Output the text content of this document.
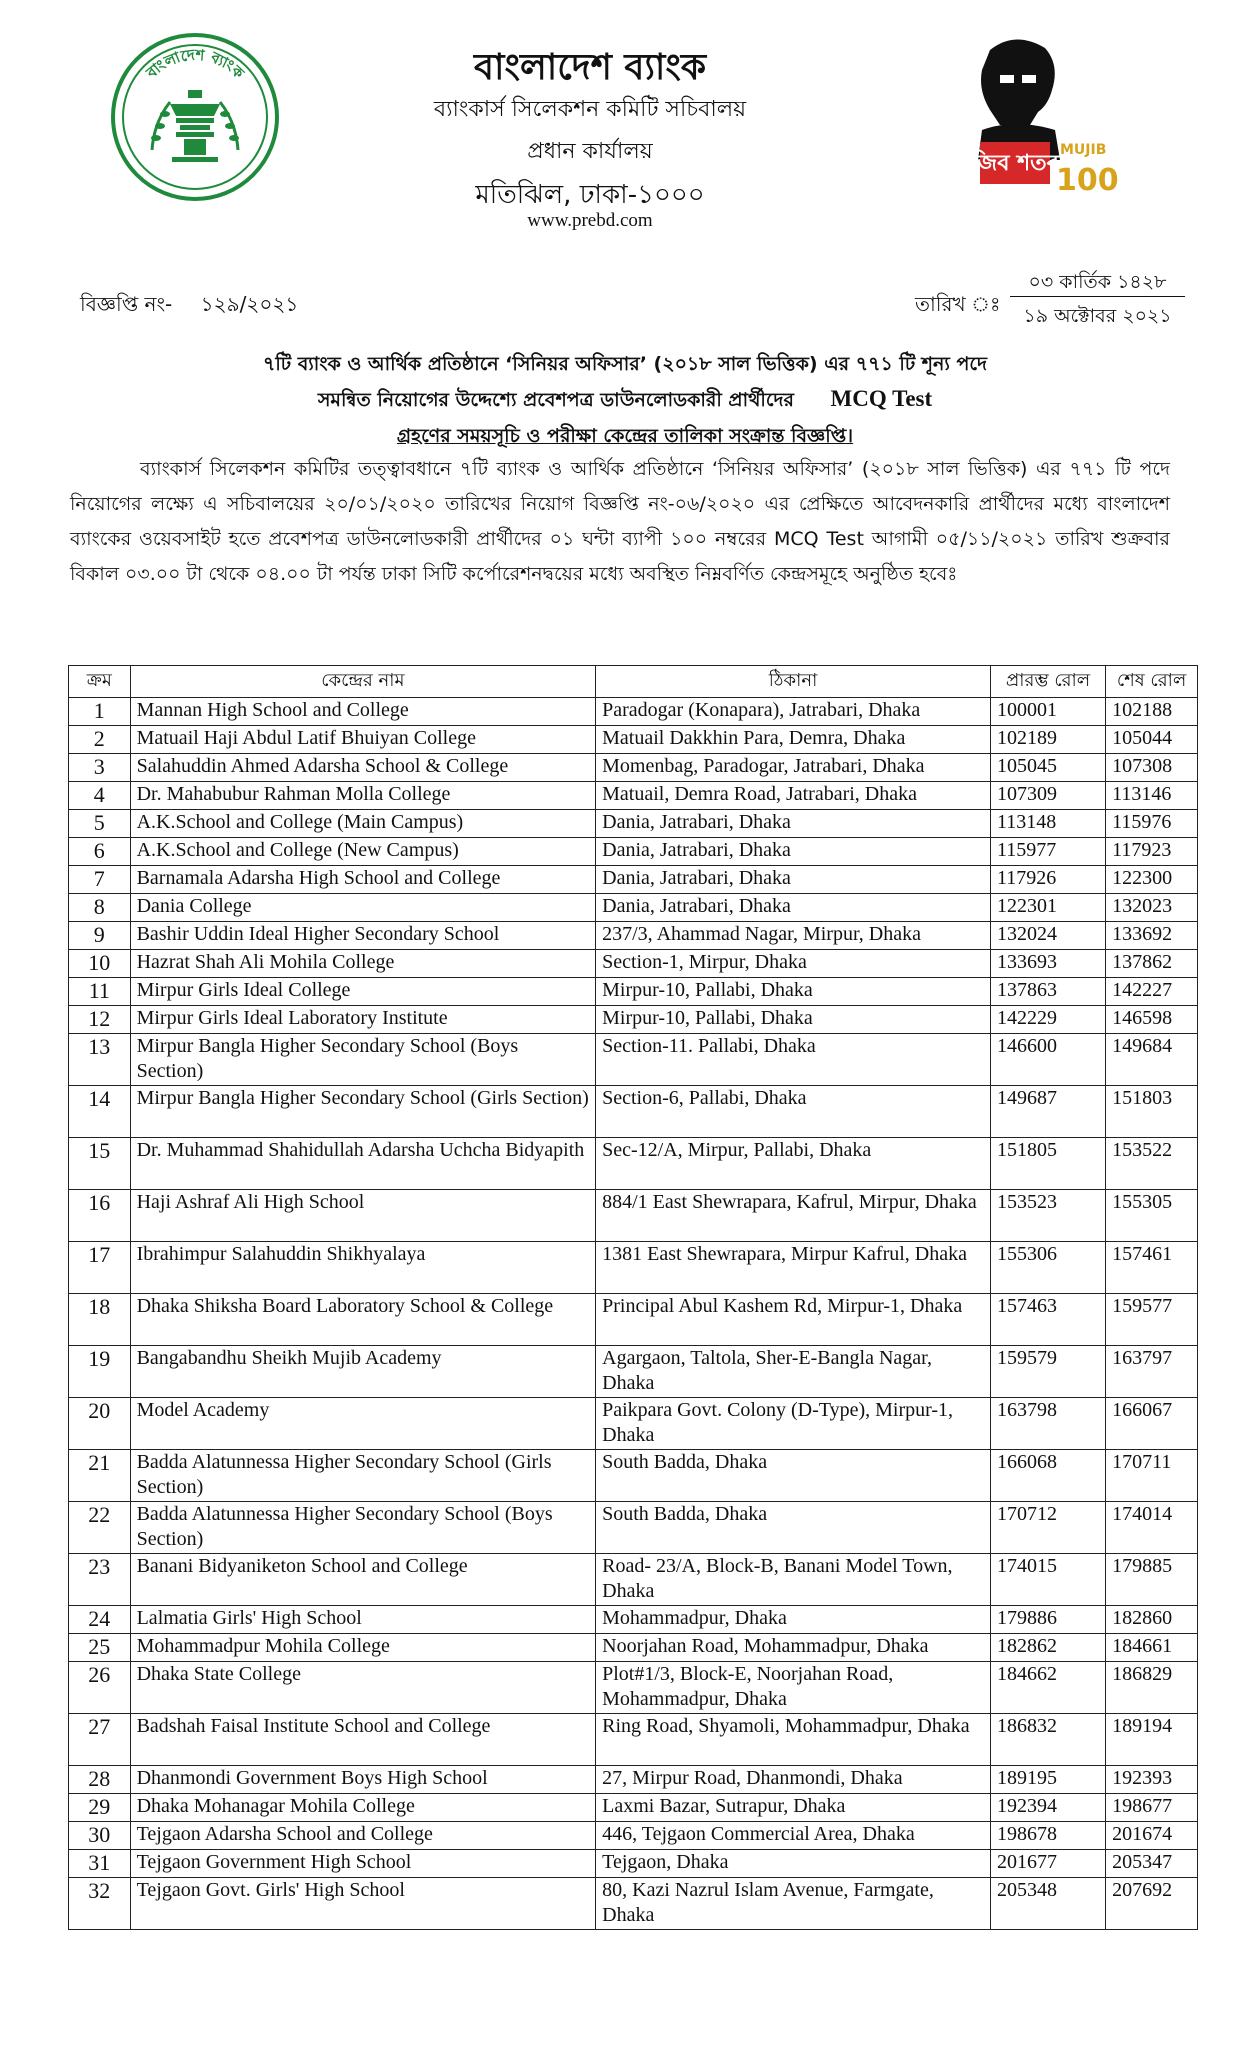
বাংলাদেশ ব্যাংক
মুজিব শতবর্ষ
MUJIB
100
বাংলাদেশ ব্যাংক
ব্যাংকার্স সিলেকশন কমিটি সচিবালয়
প্রধান কার্যালয়
মতিঝিল, ঢাকা-১০০০
www.prebd.com
বিজ্ঞপ্তি নং- ১২৯/২০২১	তারিখ ঃ
০৩ কার্তিক ১৪২৮
১৯ অক্টোবর ২০২১
৭টি ব্যাংক ও আর্থিক প্রতিষ্ঠানে ‘সিনিয়র অফিসার’ (২০১৮ সাল ভিত্তিক) এর ৭৭১ টি শূন্য পদে
সমন্বিত নিয়োগের উদ্দেশ্যে প্রবেশপত্র ডাউনলোডকারী প্রার্থীদের MCQ Test
গ্রহণের সময়সূচি ও পরীক্ষা কেন্দ্রের তালিকা সংক্রান্ত বিজ্ঞপ্তি।
ব্যাংকার্স সিলেকশন কমিটির তত্ত্বাবধানে ৭টি ব্যাংক ও আর্থিক প্রতিষ্ঠানে ‘সিনিয়র অফিসার’ (২০১৮ সাল ভিত্তিক) এর ৭৭১ টি পদে নিয়োগের লক্ষ্যে এ সচিবালয়ের ২০/০১/২০২০ তারিখের নিয়োগ বিজ্ঞপ্তি নং-০৬/২০২০ এর প্রেক্ষিতে আবেদনকারি প্রার্থীদের মধ্যে বাংলাদেশ ব্যাংকের ওয়েবসাইট হতে প্রবেশপত্র ডাউনলোডকারী প্রার্থীদের ০১ ঘন্টা ব্যাপী ১০০ নম্বরের MCQ Test আগামী ০৫/১১/২০২১ তারিখ শুক্রবার বিকাল ০৩.০০ টা থেকে ০৪.০০ টা পর্যন্ত ঢাকা সিটি কর্পোরেশনদ্বয়ের মধ্যে অবস্থিত নিম্নবর্ণিত কেন্দ্রসমূহে অনুষ্ঠিত হবেঃ
ক্রম	কেন্দ্রের নাম	ঠিকানা	প্রারম্ভ রোল	শেষ রোল
1	Mannan High School and College	Paradogar (Konapara), Jatrabari, Dhaka	100001	102188
2	Matuail Haji Abdul Latif Bhuiyan College	Matuail Dakkhin Para, Demra, Dhaka	102189	105044
3	Salahuddin Ahmed Adarsha School & College	Momenbag, Paradogar, Jatrabari, Dhaka	105045	107308
4	Dr. Mahabubur Rahman Molla College	Matuail, Demra Road, Jatrabari, Dhaka	107309	113146
5	A.K.School and College (Main Campus)	Dania, Jatrabari, Dhaka	113148	115976
6	A.K.School and College (New Campus)	Dania, Jatrabari, Dhaka	115977	117923
7	Barnamala Adarsha High School and College	Dania, Jatrabari, Dhaka	117926	122300
8	Dania College	Dania, Jatrabari, Dhaka	122301	132023
9	Bashir Uddin Ideal Higher Secondary School	237/3, Ahammad Nagar, Mirpur, Dhaka	132024	133692
10	Hazrat Shah Ali Mohila College	Section-1, Mirpur, Dhaka	133693	137862
11	Mirpur Girls Ideal College	Mirpur-10, Pallabi, Dhaka	137863	142227
12	Mirpur Girls Ideal Laboratory Institute	Mirpur-10, Pallabi, Dhaka	142229	146598
13	Mirpur Bangla Higher Secondary School (Boys Section)	Section-11. Pallabi, Dhaka	146600	149684
14	Mirpur Bangla Higher Secondary School (Girls Section)	Section-6, Pallabi, Dhaka	149687	151803
15	Dr. Muhammad Shahidullah Adarsha Uchcha Bidyapith	Sec-12/A, Mirpur, Pallabi, Dhaka	151805	153522
16	Haji Ashraf Ali High School	884/1 East Shewrapara, Kafrul, Mirpur, Dhaka	153523	155305
17	Ibrahimpur Salahuddin Shikhyalaya	1381 East Shewrapara, Mirpur Kafrul, Dhaka	155306	157461
18	Dhaka Shiksha Board Laboratory School & College	Principal Abul Kashem Rd, Mirpur-1, Dhaka	157463	159577
19	Bangabandhu Sheikh Mujib Academy	Agargaon, Taltola, Sher-E-Bangla Nagar, Dhaka	159579	163797
20	Model Academy	Paikpara Govt. Colony (D-Type), Mirpur-1, Dhaka	163798	166067
21	Badda Alatunnessa Higher Secondary School (Girls Section)	South Badda, Dhaka	166068	170711
22	Badda Alatunnessa Higher Secondary School (Boys Section)	South Badda, Dhaka	170712	174014
23	Banani Bidyaniketon School and College	Road- 23/A, Block-B, Banani Model Town, Dhaka	174015	179885
24	Lalmatia Girls' High School	Mohammadpur, Dhaka	179886	182860
25	Mohammadpur Mohila College	Noorjahan Road, Mohammadpur, Dhaka	182862	184661
26	Dhaka State College	Plot#1/3, Block-E, Noorjahan Road, Mohammadpur, Dhaka	184662	186829
27	Badshah Faisal Institute School and College	Ring Road, Shyamoli, Mohammadpur, Dhaka	186832	189194
28	Dhanmondi Government Boys High School	27, Mirpur Road, Dhanmondi, Dhaka	189195	192393
29	Dhaka Mohanagar Mohila College	Laxmi Bazar, Sutrapur, Dhaka	192394	198677
30	Tejgaon Adarsha School and College	446, Tejgaon Commercial Area, Dhaka	198678	201674
31	Tejgaon Government High School	Tejgaon, Dhaka	201677	205347
32	Tejgaon Govt. Girls' High School	80, Kazi Nazrul Islam Avenue, Farmgate, Dhaka	205348	207692
